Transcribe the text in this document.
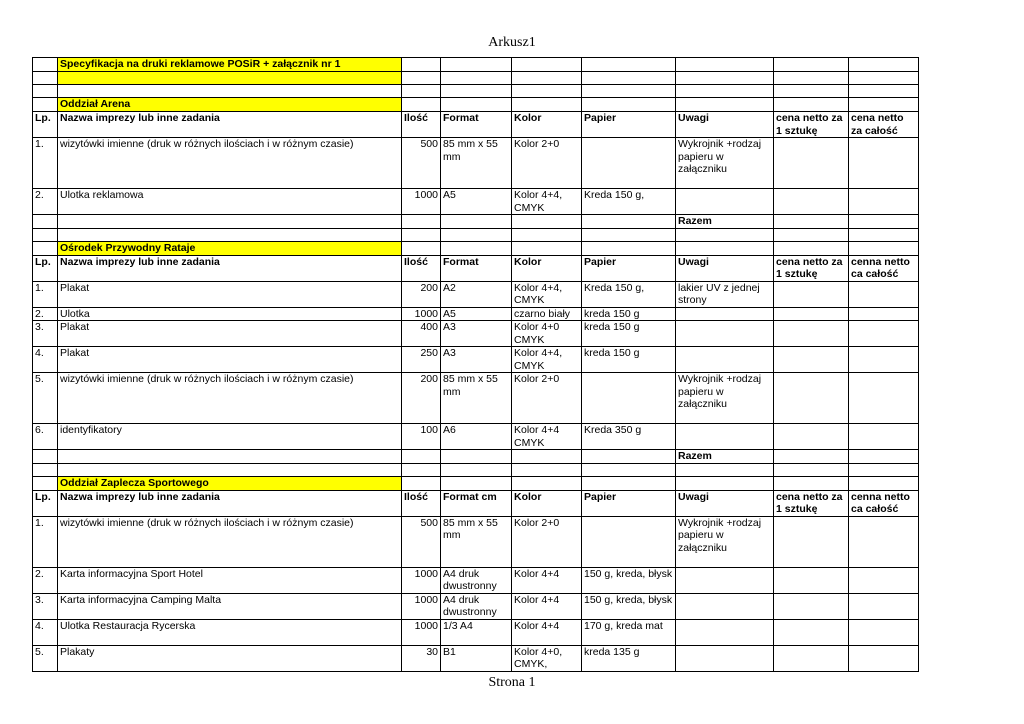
Arkusz1
	Specyfikacja na druki reklamowe POSiR + załącznik nr 1							

	Oddział Arena							
Lp.	Nazwa imprezy lub inne zadania	Ilość	Format	Kolor	Papier	Uwagi	cena netto za 1 sztukę	cena netto za całość
1.	wizytówki imienne (druk w różnych ilościach i w różnym czasie)	500	85 mm x 55 mm	Kolor 2+0		Wykrojnik +rodzaj papieru w załączniku		
2.	Ulotka reklamowa	1000	A5	Kolor 4+4, CMYK	Kreda 150 g,			
						Razem		

	Ośrodek Przywodny Rataje							
Lp.	Nazwa imprezy lub inne zadania	Ilość	Format	Kolor	Papier	Uwagi	cena netto za 1 sztukę	cenna netto ca całość
1.	Plakat	200	A2	Kolor 4+4, CMYK	Kreda 150 g,	lakier UV z jednej strony		
2.	Ulotka	1000	A5	czarno biały	kreda 150 g			
3.	Plakat	400	A3	Kolor 4+0 CMYK	kreda 150 g			
4.	Plakat	250	A3	Kolor 4+4, CMYK	kreda 150 g			
5.	wizytówki imienne (druk w różnych ilościach i w różnym czasie)	200	85 mm x 55 mm	Kolor 2+0		Wykrojnik +rodzaj papieru w załączniku		
6.	identyfikatory	100	A6	Kolor 4+4 CMYK	Kreda 350 g			
						Razem		

	Oddział Zaplecza Sportowego							
Lp.	Nazwa imprezy lub inne zadania	Ilość	Format cm	Kolor	Papier	Uwagi	cena netto za 1 sztukę	cenna netto ca całość
1.	wizytówki imienne (druk w różnych ilościach i w różnym czasie)	500	85 mm x 55 mm	Kolor 2+0		Wykrojnik +rodzaj papieru w załączniku		
2.	Karta informacyjna Sport Hotel	1000	A4 druk dwustronny	Kolor 4+4	150 g, kreda, błysk			
3.	Karta informacyjna Camping Malta	1000	A4 druk dwustronny	Kolor 4+4	150 g, kreda, błysk			
4.	Ulotka Restauracja Rycerska	1000	1/3 A4	Kolor 4+4	170 g, kreda mat			
5.	Plakaty	30	B1	Kolor 4+0, CMYK,	kreda 135 g			
Strona 1
